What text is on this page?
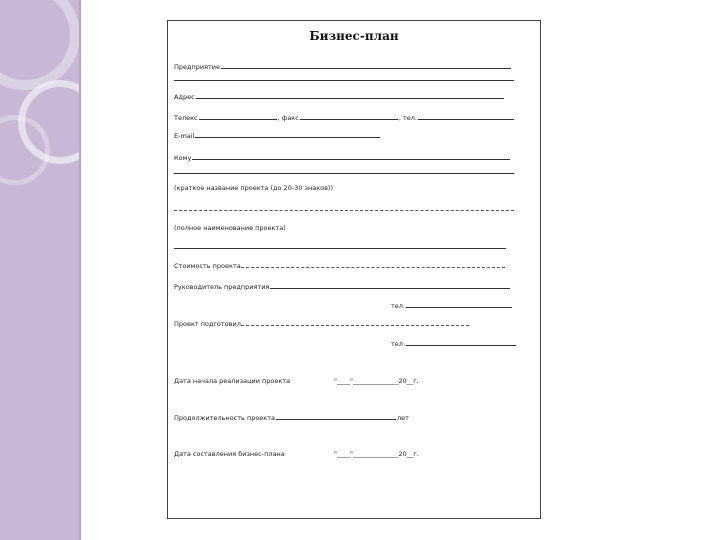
Бизнес-план
Предприятие
Адрес
Телекс	, факс	, тел.
E-mail
Кому
(краткое название проекта (до 20-30 знаков))
(полное наименование проекта)
Стоимость проекта
Руководитель предприятия
тел.
Проект подготовил
тел.
Дата начала реализации проекта	"____"______________20__г.
Продолжительность проекта	лет
Дата составления бизнес-плана	"____"______________20__г.
